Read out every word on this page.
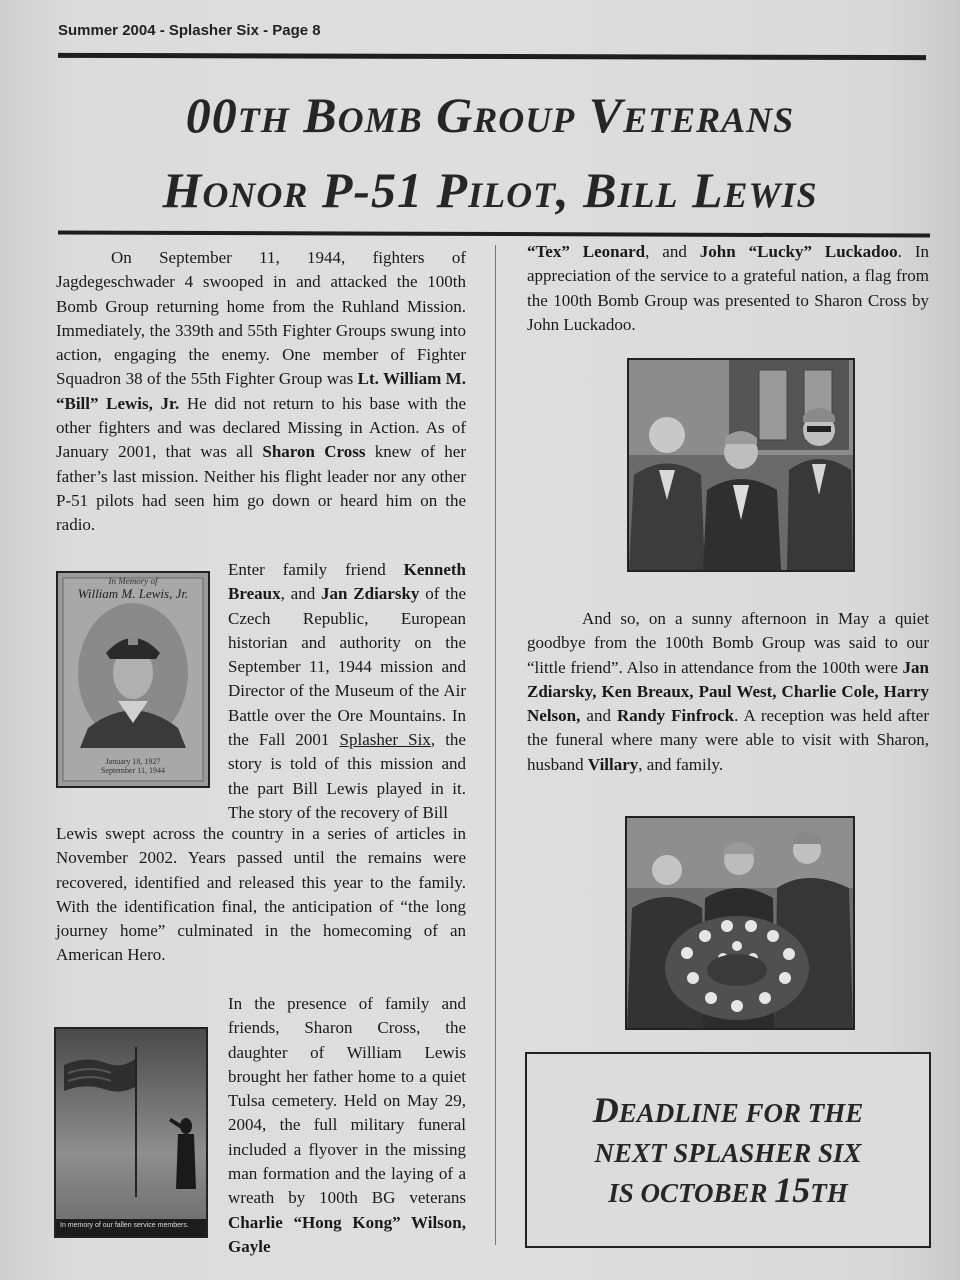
Summer 2004 - Splasher Six - Page 8
00TH BOMB GROUP VETERANS
HONOR P-51 PILOT, BILL LEWIS

On September 11, 1944, fighters of Jagdegeschwader 4 swooped in and attacked the 100th Bomb Group returning home from the Ruhland Mission. Immediately, the 339th and 55th Fighter Groups swung into action, engaging the enemy. One member of Fighter Squadron 38 of the 55th Fighter Group was Lt. William M. “Bill” Lewis, Jr. He did not return to his base with the other fighters and was declared Missing in Action. As of January 2001, that was all Sharon Cross knew of her father’s last mission. Neither his flight leader nor any other P-51 pilots had seen him go down or heard him on the radio.

In Memory of
William M. Lewis, Jr.
January 18, 1927
September 11, 1944

Enter family friend Kenneth Breaux, and Jan Zdiarsky of the Czech Republic, European historian and authority on the September 11, 1944 mission and Director of the Museum of the Air Battle over the Ore Mountains. In the Fall 2001 Splasher Six, the story is told of this mission and the part Bill Lewis played in it. The story of the recovery of Bill

Lewis swept across the country in a series of articles in November 2002. Years passed until the remains were recovered, identified and released this year to the family. With the identification final, the anticipation of “the long journey home” culminated in the homecoming of an American Hero.

In memory of our fallen service members.

In the presence of family and friends, Sharon Cross, the daughter of William Lewis brought her father home to a quiet Tulsa cemetery. Held on May 29, 2004, the full military funeral included a flyover in the missing man formation and the laying of a wreath by 100th BG veterans Charlie “Hong Kong” Wilson, Gayle

“Tex” Leonard, and John “Lucky” Luckadoo. In appreciation of the service to a grateful nation, a flag from the 100th Bomb Group was presented to Sharon Cross by John Luckadoo.

And so, on a sunny afternoon in May a quiet goodbye from the 100th Bomb Group was said to our “little friend”. Also in attendance from the 100th were Jan Zdiarsky, Ken Breaux, Paul West, Charlie Cole, Harry Nelson, and Randy Finfrock. A reception was held after the funeral where many were able to visit with Sharon, husband Villary, and family.

DEADLINE FOR THE
NEXT SPLASHER SIX
IS OCTOBER 15TH
